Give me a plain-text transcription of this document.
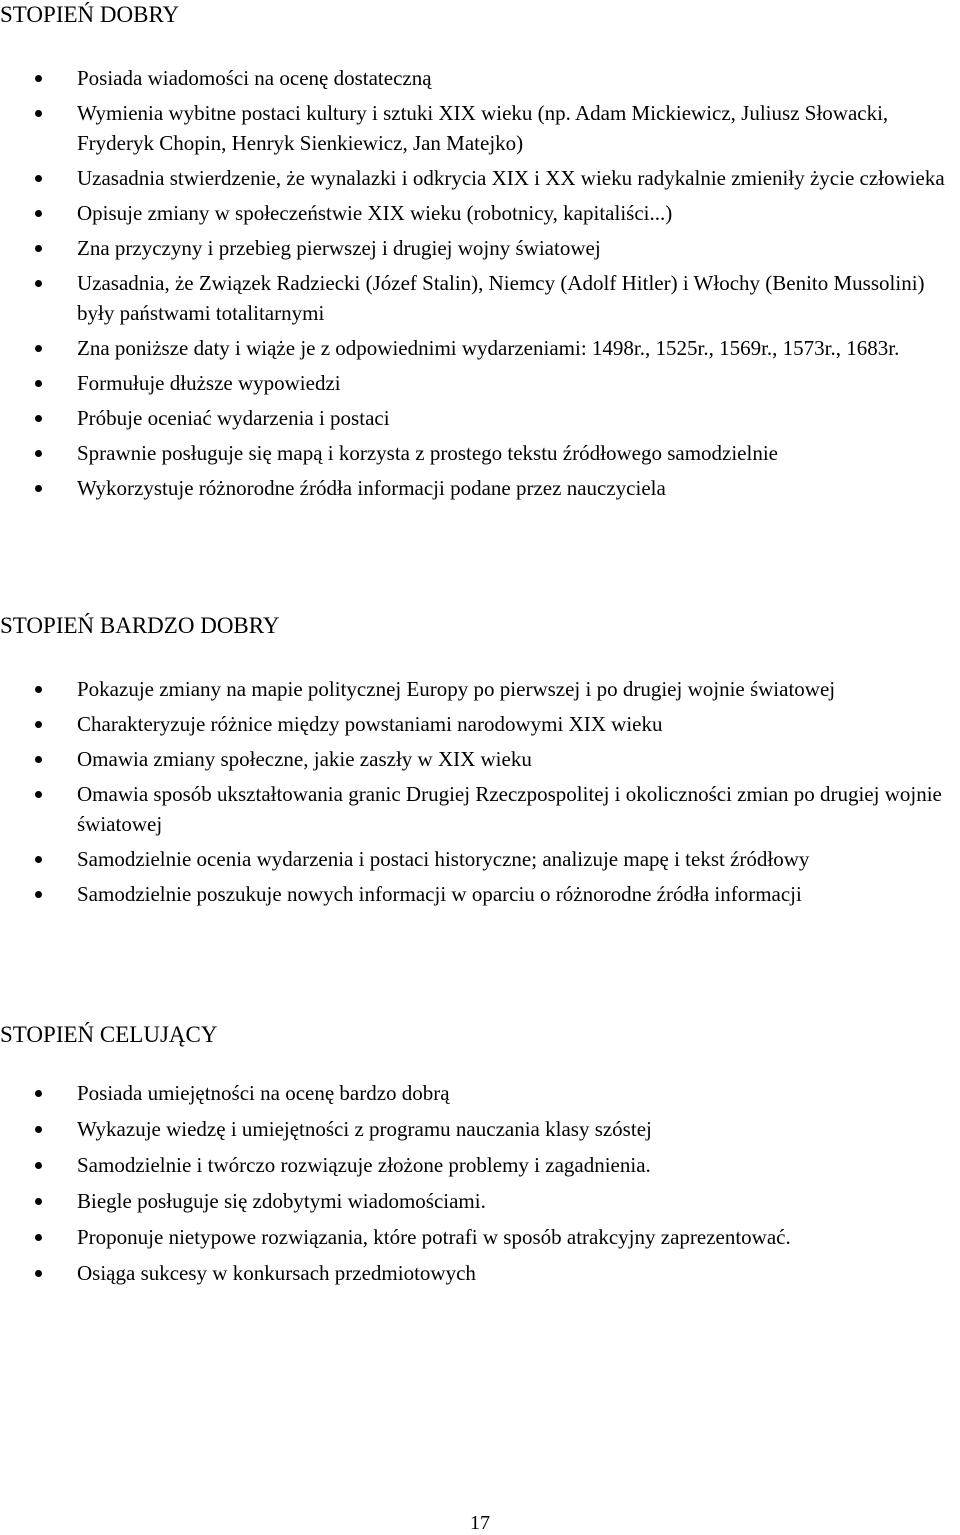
STOPIEŃ DOBRY
Posiada wiadomości na ocenę dostateczną
Wymienia wybitne postaci kultury i sztuki XIX wieku (np. Adam Mickiewicz, Juliusz Słowacki, Fryderyk Chopin, Henryk Sienkiewicz, Jan Matejko)
Uzasadnia stwierdzenie, że wynalazki i odkrycia XIX i XX wieku radykalnie zmieniły życie człowieka
Opisuje zmiany w społeczeństwie XIX wieku (robotnicy, kapitaliści...)
Zna przyczyny i przebieg pierwszej i drugiej wojny światowej
Uzasadnia, że Związek Radziecki (Józef Stalin), Niemcy (Adolf Hitler) i Włochy (Benito Mussolini) były państwami totalitarnymi
Zna poniższe daty i wiąże je z odpowiednimi wydarzeniami: 1498r., 1525r., 1569r., 1573r., 1683r.
Formułuje dłuższe wypowiedzi
Próbuje oceniać wydarzenia i postaci
Sprawnie posługuje się mapą i korzysta z prostego tekstu źródłowego samodzielnie
Wykorzystuje różnorodne źródła informacji podane przez nauczyciela
STOPIEŃ BARDZO DOBRY
Pokazuje zmiany na mapie politycznej Europy po pierwszej i po drugiej wojnie światowej
Charakteryzuje różnice między powstaniami narodowymi XIX wieku
Omawia zmiany społeczne, jakie zaszły w XIX wieku
Omawia sposób ukształtowania granic Drugiej Rzeczpospolitej i okoliczności zmian po drugiej wojnie światowej
Samodzielnie ocenia wydarzenia i postaci historyczne; analizuje mapę i tekst źródłowy
Samodzielnie poszukuje nowych informacji w oparciu o różnorodne źródła informacji
STOPIEŃ CELUJĄCY
Posiada umiejętności na ocenę bardzo dobrą
Wykazuje wiedzę i umiejętności z programu nauczania klasy szóstej
Samodzielnie i twórczo rozwiązuje złożone problemy i zagadnienia.
Biegle posługuje się zdobytymi wiadomościami.
Proponuje nietypowe rozwiązania, które potrafi w sposób atrakcyjny zaprezentować.
Osiąga sukcesy w konkursach przedmiotowych
17
